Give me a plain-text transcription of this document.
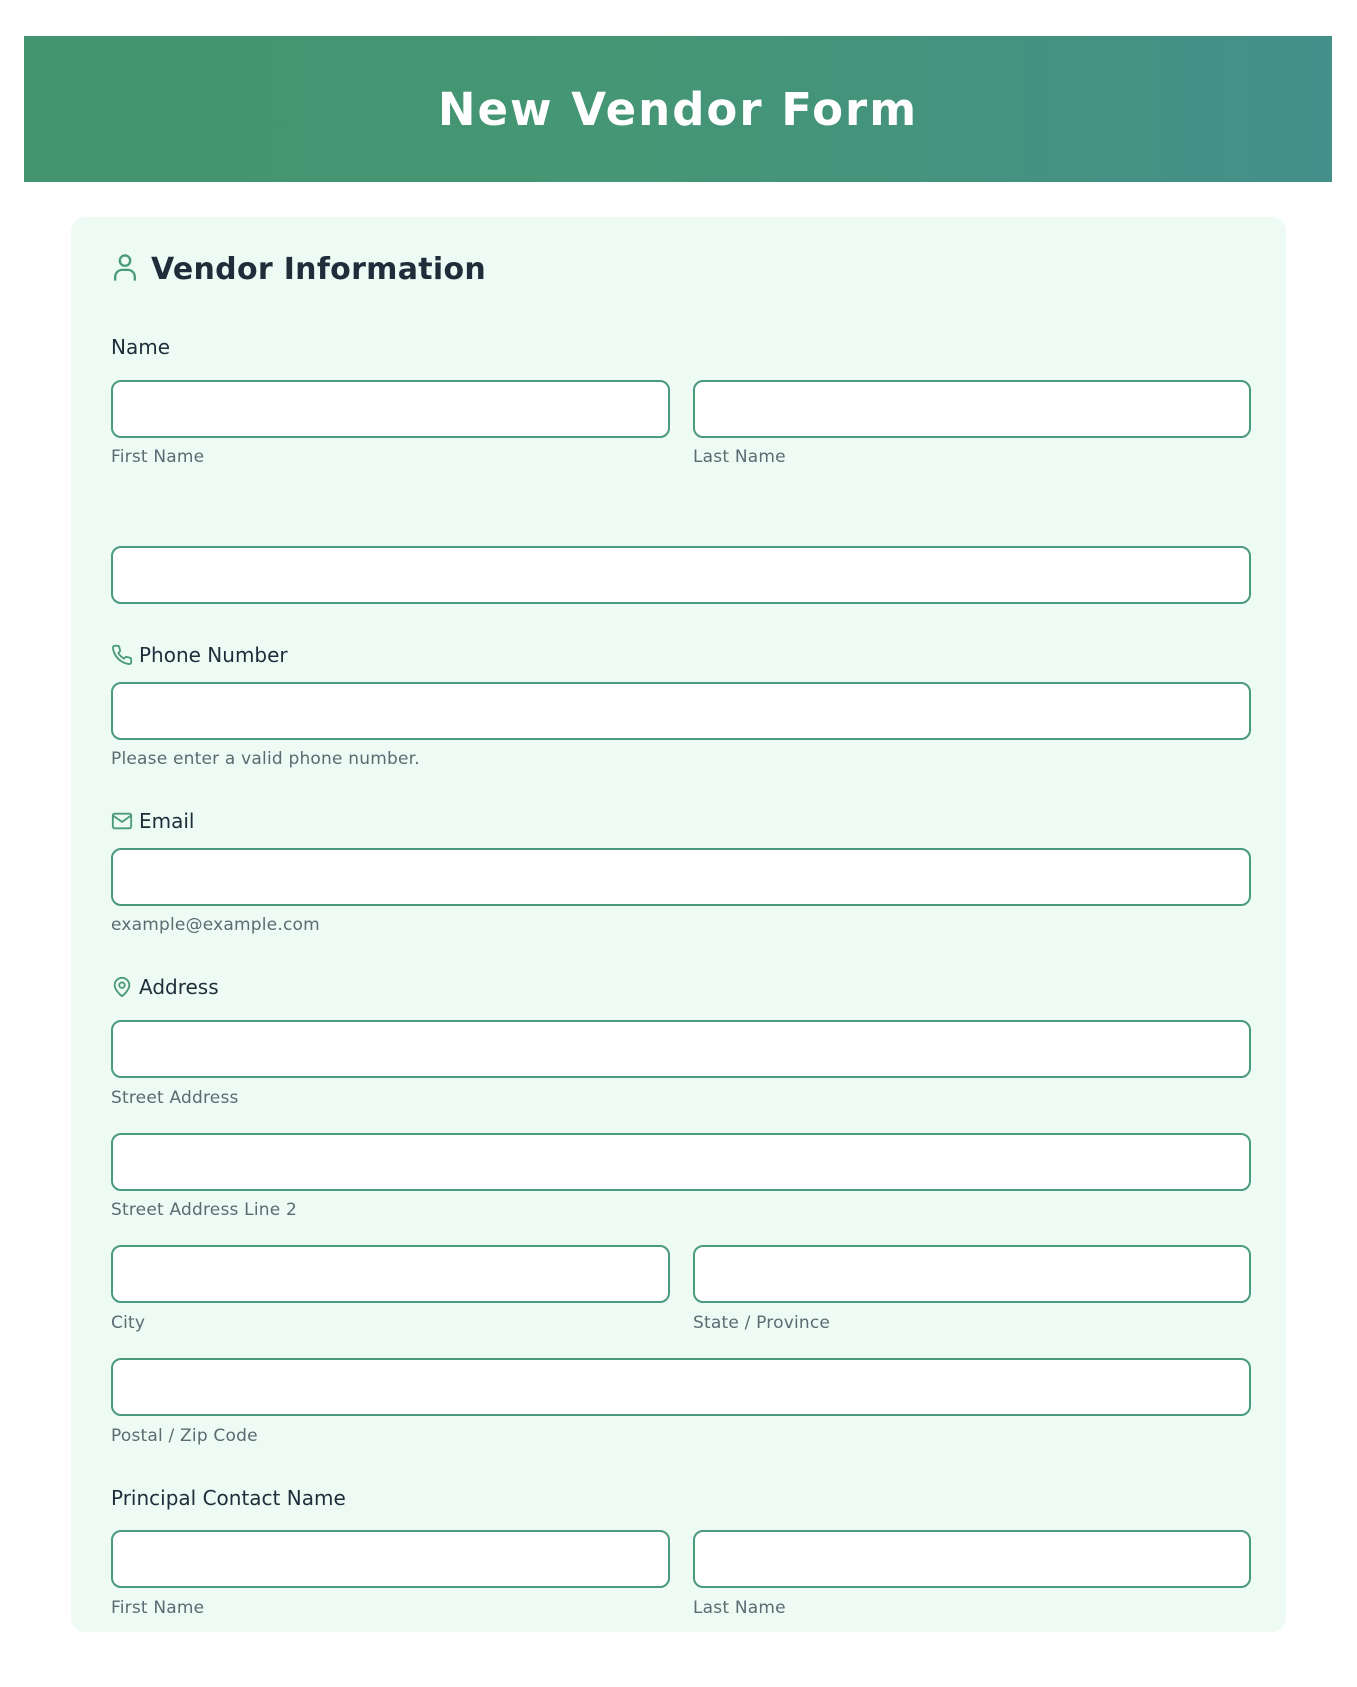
New Vendor Form
Vendor Information
Name
First Name	Last Name
Phone Number
Please enter a valid phone number.
Email
example@example.com
Address
Street Address
Street Address Line 2
City	State / Province
Postal / Zip Code
Principal Contact Name
First Name	Last Name
